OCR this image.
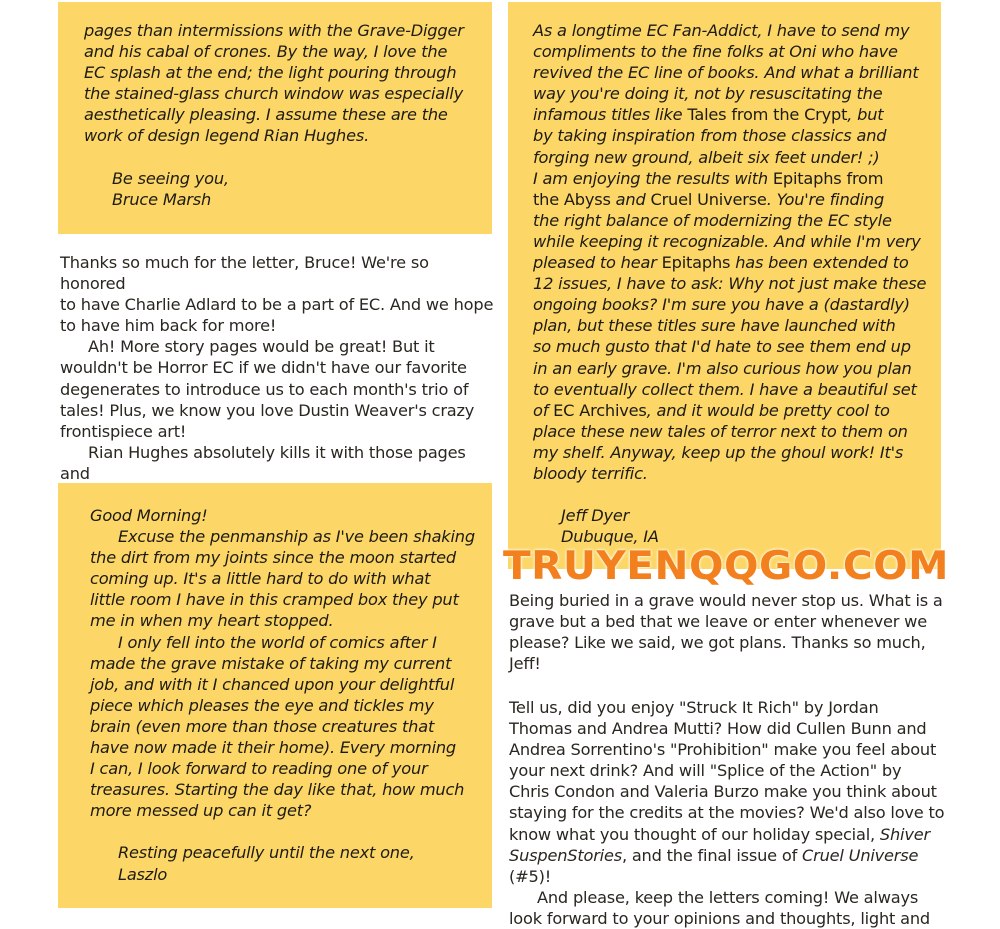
pages than intermissions with the Grave-Digger

and his cabal of crones. By the way, I love the

EC splash at the end; the light pouring through

the stained-glass church window was especially

aesthetically pleasing. I assume these are the

work of design legend Rian Hughes.

Be seeing you,

Bruce Marsh

Thanks so much for the letter, Bruce! We're so honored

to have Charlie Adlard to be a part of EC. And we hope

to have him back for more!

Ah! More story pages would be great! But it

wouldn't be Horror EC if we didn't have our favorite

degenerates to introduce us to each month's trio of

tales! Plus, we know you love Dustin Weaver's crazy

frontispiece art!

Rian Hughes absolutely kills it with those pages and

Good Morning!

Excuse the penmanship as I've been shaking

the dirt from my joints since the moon started

coming up. It's a little hard to do with what

little room I have in this cramped box they put

me in when my heart stopped.

I only fell into the world of comics after I

made the grave mistake of taking my current

job, and with it I chanced upon your delightful

piece which pleases the eye and tickles my

brain (even more than those creatures that

have now made it their home). Every morning

I can, I look forward to reading one of your

treasures. Starting the day like that, how much

more messed up can it get?

Resting peacefully until the next one,

Laszlo

As a longtime EC Fan-Addict, I have to send my

compliments to the fine folks at Oni who have

revived the EC line of books. And what a brilliant

way you're doing it, not by resuscitating the

infamous titles like Tales from the Crypt, but

by taking inspiration from those classics and

forging new ground, albeit six feet under! ;)

I am enjoying the results with Epitaphs from

the Abyss and Cruel Universe. You're finding

the right balance of modernizing the EC style

while keeping it recognizable. And while I'm very

pleased to hear Epitaphs has been extended to

12 issues, I have to ask: Why not just make these

ongoing books? I'm sure you have a (dastardly)

plan, but these titles sure have launched with

so much gusto that I'd hate to see them end up

in an early grave. I'm also curious how you plan

to eventually collect them. I have a beautiful set

of EC Archives, and it would be pretty cool to

place these new tales of terror next to them on

my shelf. Anyway, keep up the ghoul work! It's

bloody terrific.

Jeff Dyer

Dubuque, IA

TRUYENQQGO.COM

Being buried in a grave would never stop us. What is a

grave but a bed that we leave or enter whenever we

please? Like we said, we got plans. Thanks so much, Jeff!

Tell us, did you enjoy "Struck It Rich" by Jordan

Thomas and Andrea Mutti? How did Cullen Bunn and

Andrea Sorrentino's "Prohibition" make you feel about

your next drink? And will "Splice of the Action" by

Chris Condon and Valeria Burzo make you think about

staying for the credits at the movies? We'd also love to

know what you thought of our holiday special, Shiver

SuspenStories, and the final issue of Cruel Universe (#5)!

And please, keep the letters coming! We always

look forward to your opinions and thoughts, light and
